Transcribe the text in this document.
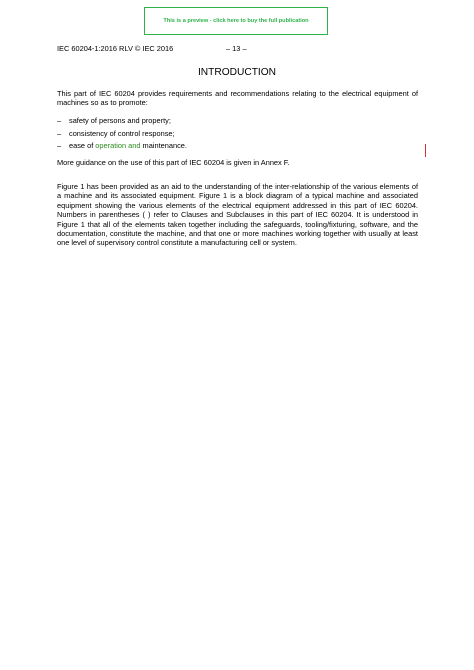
This is a preview - click here to buy the full publication
IEC 60204-1:2016 RLV © IEC 2016	– 13 –
INTRODUCTION
This part of IEC 60204 provides requirements and recommendations relating to the electrical equipment of machines so as to promote:
– safety of persons and property;
– consistency of control response;
– ease of operation and maintenance.
More guidance on the use of this part of IEC 60204 is given in Annex F.
Figure 1 has been provided as an aid to the understanding of the inter-relationship of the various elements of a machine and its associated equipment. Figure 1 is a block diagram of a typical machine and associated equipment showing the various elements of the electrical equipment addressed in this part of IEC 60204. Numbers in parentheses ( ) refer to Clauses and Subclauses in this part of IEC 60204. It is understood in Figure 1 that all of the elements taken together including the safeguards, tooling/fixturing, software, and the documentation, constitute the machine, and that one or more machines working together with usually at least one level of supervisory control constitute a manufacturing cell or system.
